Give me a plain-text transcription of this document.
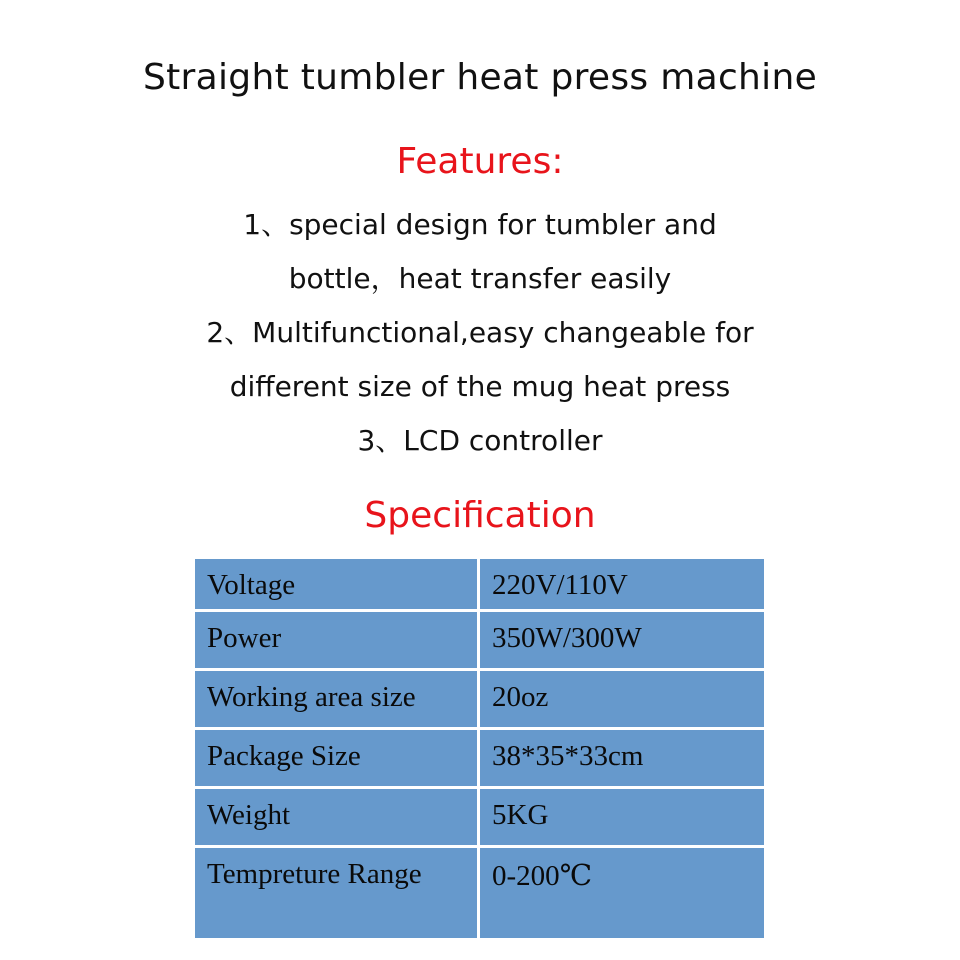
Straight tumbler heat press machine
Features:
1、special design for tumbler and
bottle，heat transfer easily
2、Multifunctional,easy changeable for
different size of the mug heat press
3、LCD controller
Specification
Voltage	220V/110V
Power	350W/300W
Working area size	20oz
Package Size	38*35*33cm
Weight	5KG
Tempreture Range	0-200℃
